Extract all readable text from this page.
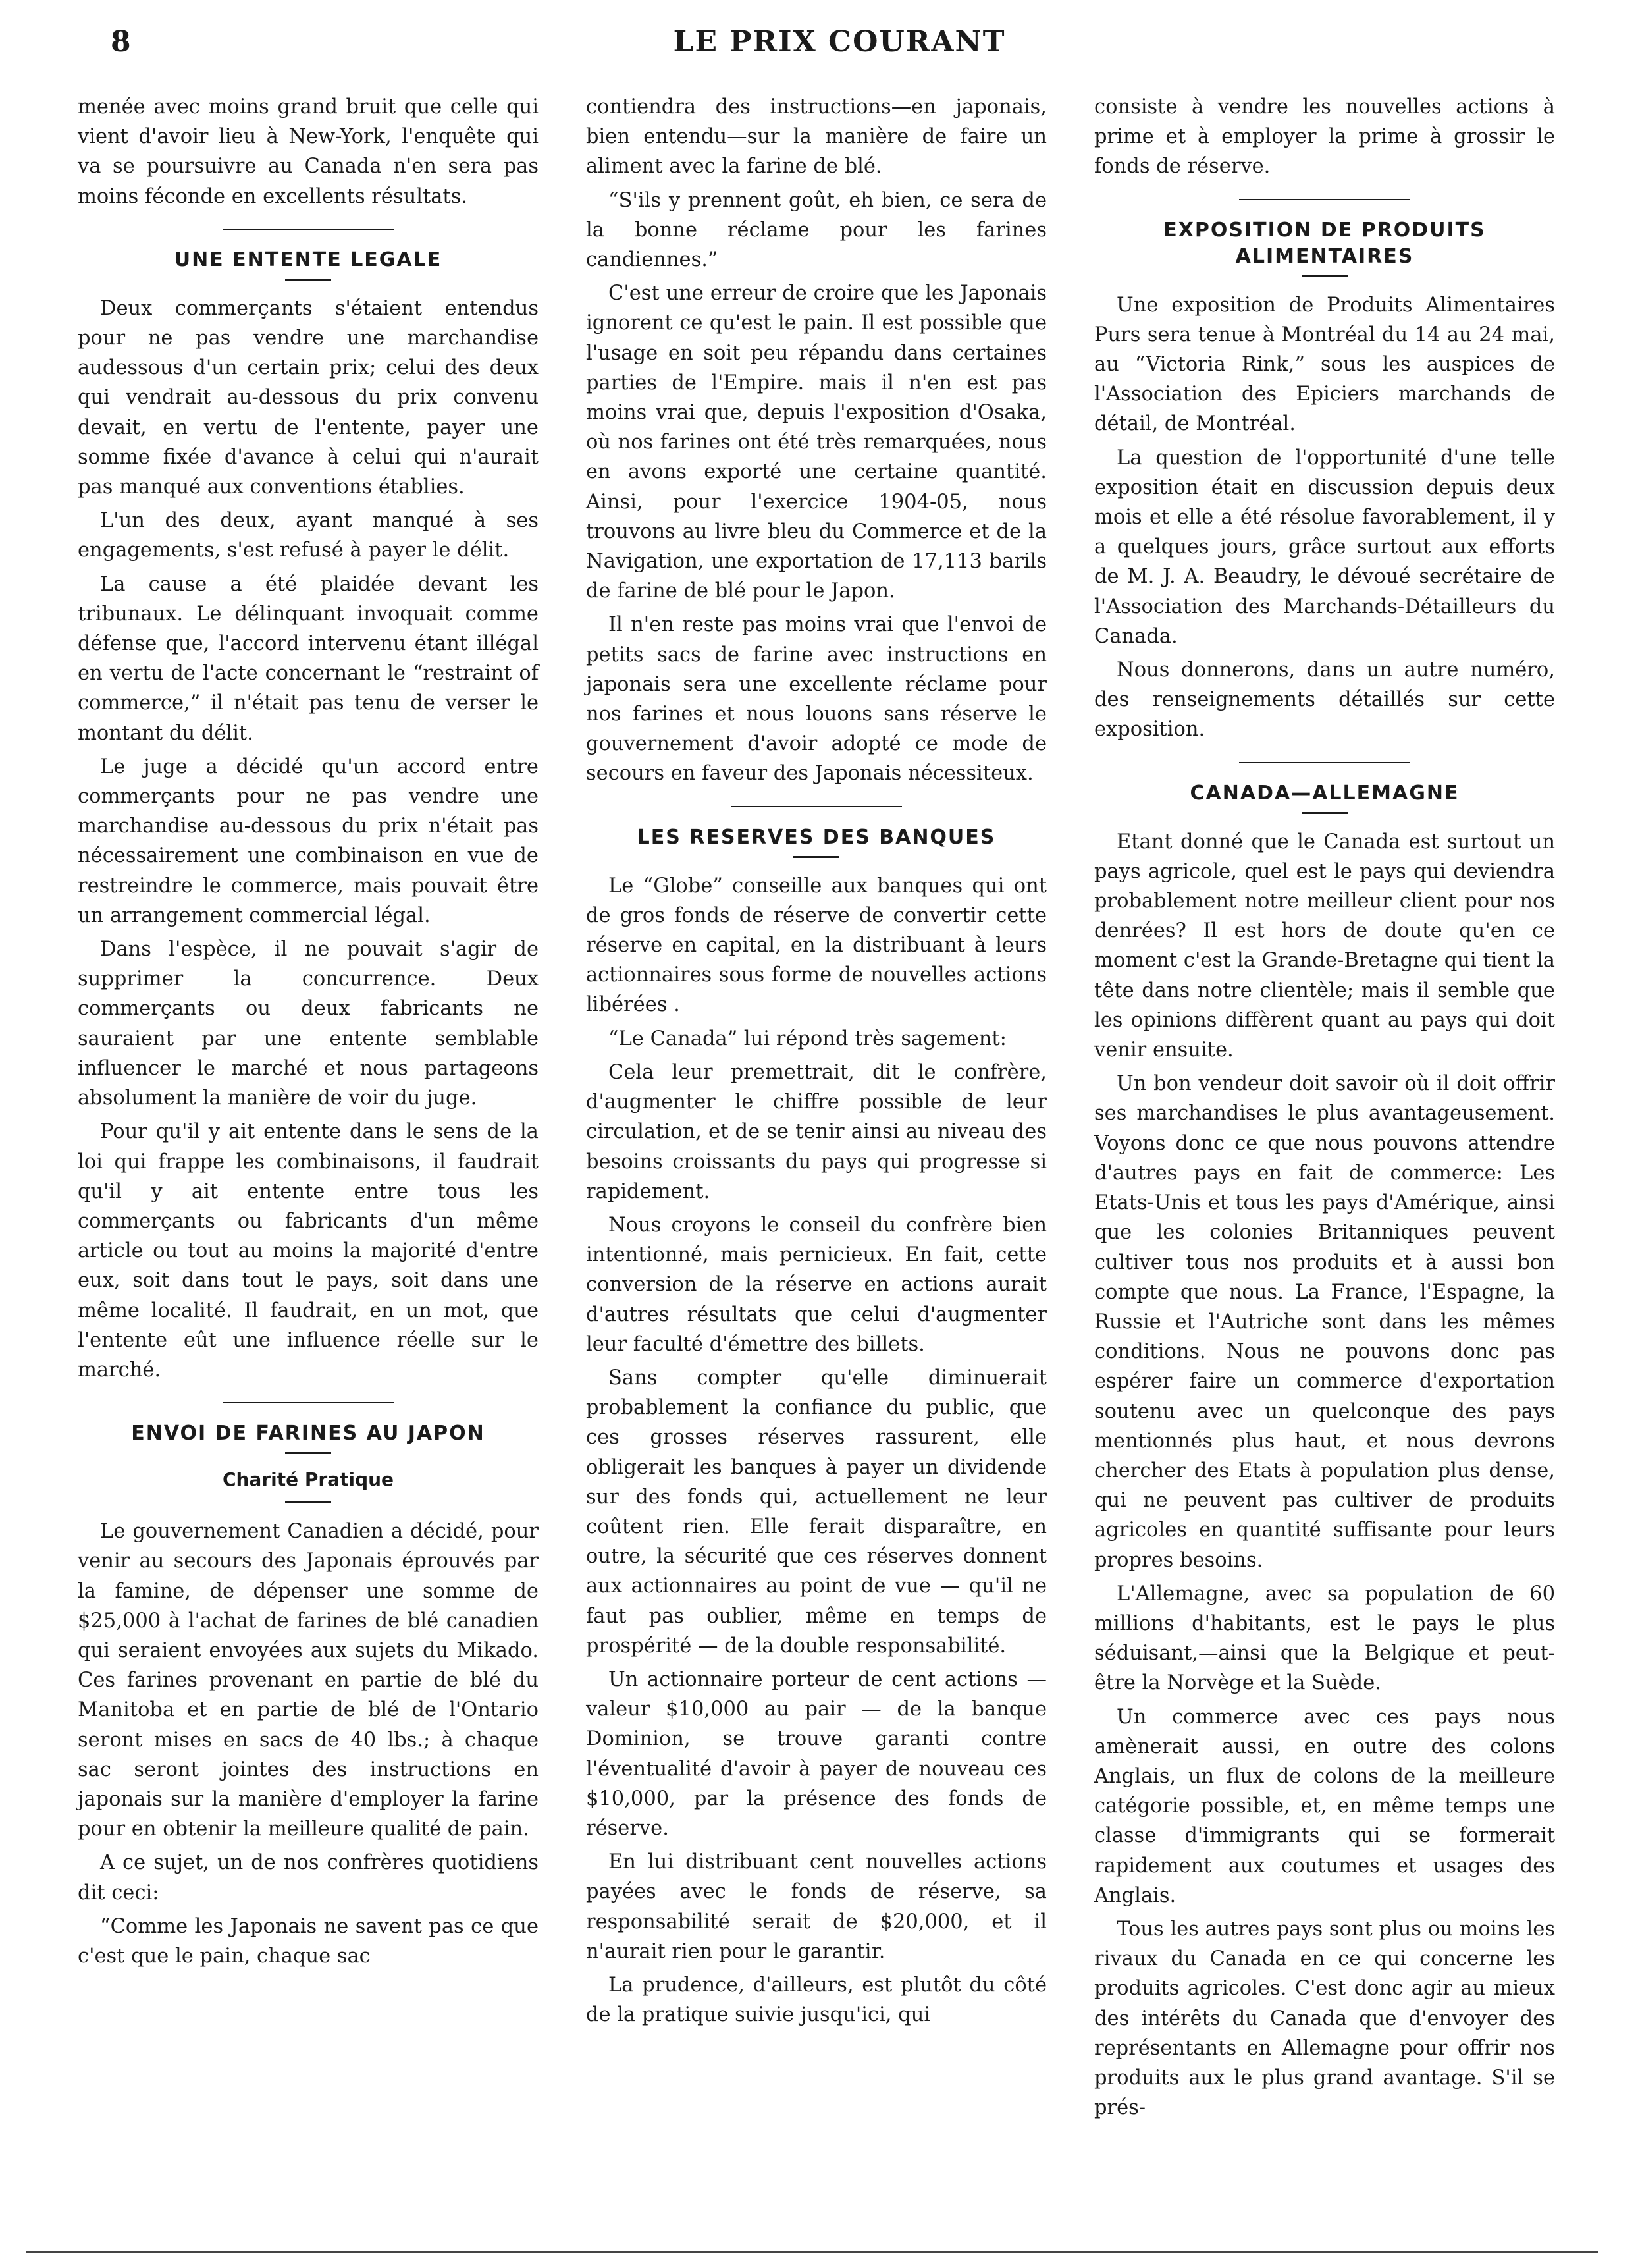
8	LE PRIX COURANT

menée avec moins grand bruit que celle qui vient d'avoir lieu à New-York, l'enquête qui va se poursuivre au Canada n'en sera pas moins féconde en excellents résultats.

UNE ENTENTE LEGALE

Deux commerçants s'étaient entendus pour ne pas vendre une marchandise audessous d'un certain prix; celui des deux qui vendrait au-dessous du prix convenu devait, en vertu de l'entente, payer une somme fixée d'avance à celui qui n'aurait pas manqué aux conventions établies.

L'un des deux, ayant manqué à ses engagements, s'est refusé à payer le délit.

La cause a été plaidée devant les tribunaux. Le délinquant invoquait comme défense que, l'accord intervenu étant illégal en vertu de l'acte concernant le “restraint of commerce,” il n'était pas tenu de verser le montant du délit.

Le juge a décidé qu'un accord entre commerçants pour ne pas vendre une marchandise au-dessous du prix n'était pas nécessairement une combinaison en vue de restreindre le commerce, mais pouvait être un arrangement commercial légal.

Dans l'espèce, il ne pouvait s'agir de supprimer la concurrence. Deux commerçants ou deux fabricants ne sauraient par une entente semblable influencer le marché et nous partageons absolument la manière de voir du juge.

Pour qu'il y ait entente dans le sens de la loi qui frappe les combinaisons, il faudrait qu'il y ait entente entre tous les commerçants ou fabricants d'un même article ou tout au moins la majorité d'entre eux, soit dans tout le pays, soit dans une même localité. Il faudrait, en un mot, que l'entente eût une influence réelle sur le marché.

ENVOI DE FARINES AU JAPON
Charité Pratique

Le gouvernement Canadien a décidé, pour venir au secours des Japonais éprouvés par la famine, de dépenser une somme de $25,000 à l'achat de farines de blé canadien qui seraient envoyées aux sujets du Mikado. Ces farines provenant en partie de blé du Manitoba et en partie de blé de l'Ontario seront mises en sacs de 40 lbs.; à chaque sac seront jointes des instructions en japonais sur la manière d'employer la farine pour en obtenir la meilleure qualité de pain.

A ce sujet, un de nos confrères quotidiens dit ceci:

“Comme les Japonais ne savent pas ce que c'est que le pain, chaque sac

contiendra des instructions—en japonais, bien entendu—sur la manière de faire un aliment avec la farine de blé.

“S'ils y prennent goût, eh bien, ce sera de la bonne réclame pour les farines candiennes.”

C'est une erreur de croire que les Japonais ignorent ce qu'est le pain. Il est possible que l'usage en soit peu répandu dans certaines parties de l'Empire. mais il n'en est pas moins vrai que, depuis l'exposition d'Osaka, où nos farines ont été très remarquées, nous en avons exporté une certaine quantité. Ainsi, pour l'exercice 1904-05, nous trouvons au livre bleu du Commerce et de la Navigation, une exportation de 17,113 barils de farine de blé pour le Japon.

Il n'en reste pas moins vrai que l'envoi de petits sacs de farine avec instructions en japonais sera une excellente réclame pour nos farines et nous louons sans réserve le gouvernement d'avoir adopté ce mode de secours en faveur des Japonais nécessiteux.

LES RESERVES DES BANQUES

Le “Globe” conseille aux banques qui ont de gros fonds de réserve de convertir cette réserve en capital, en la distribuant à leurs actionnaires sous forme de nouvelles actions libérées .

“Le Canada” lui répond très sagement:

Cela leur premettrait, dit le confrère, d'augmenter le chiffre possible de leur circulation, et de se tenir ainsi au niveau des besoins croissants du pays qui progresse si rapidement.

Nous croyons le conseil du confrère bien intentionné, mais pernicieux. En fait, cette conversion de la réserve en actions aurait d'autres résultats que celui d'augmenter leur faculté d'émettre des billets.

Sans compter qu'elle diminuerait probablement la confiance du public, que ces grosses réserves rassurent, elle obligerait les banques à payer un dividende sur des fonds qui, actuellement ne leur coûtent rien. Elle ferait disparaître, en outre, la sécurité que ces réserves donnent aux actionnaires au point de vue — qu'il ne faut pas oublier, même en temps de prospérité — de la double responsabilité.

Un actionnaire porteur de cent actions — valeur $10,000 au pair — de la banque Dominion, se trouve garanti contre l'éventualité d'avoir à payer de nouveau ces $10,000, par la présence des fonds de réserve.

En lui distribuant cent nouvelles actions payées avec le fonds de réserve, sa responsabilité serait de $20,000, et il n'aurait rien pour le garantir.

La prudence, d'ailleurs, est plutôt du côté de la pratique suivie jusqu'ici, qui

consiste à vendre les nouvelles actions à prime et à employer la prime à grossir le fonds de réserve.

EXPOSITION DE PRODUITS ALIMENTAIRES

Une exposition de Produits Alimentaires Purs sera tenue à Montréal du 14 au 24 mai, au “Victoria Rink,” sous les auspices de l'Association des Epiciers marchands de détail, de Montréal.

La question de l'opportunité d'une telle exposition était en discussion depuis deux mois et elle a été résolue favorablement, il y a quelques jours, grâce surtout aux efforts de M. J. A. Beaudry, le dévoué secrétaire de l'Association des Marchands-Détailleurs du Canada.

Nous donnerons, dans un autre numéro, des renseignements détaillés sur cette exposition.

CANADA—ALLEMAGNE

Etant donné que le Canada est surtout un pays agricole, quel est le pays qui deviendra probablement notre meilleur client pour nos denrées? Il est hors de doute qu'en ce moment c'est la Grande-Bretagne qui tient la tête dans notre clientèle; mais il semble que les opinions diffèrent quant au pays qui doit venir ensuite.

Un bon vendeur doit savoir où il doit offrir ses marchandises le plus avantageusement. Voyons donc ce que nous pouvons attendre d'autres pays en fait de commerce: Les Etats-Unis et tous les pays d'Amérique, ainsi que les colonies Britanniques peuvent cultiver tous nos produits et à aussi bon compte que nous. La France, l'Espagne, la Russie et l'Autriche sont dans les mêmes conditions. Nous ne pouvons donc pas espérer faire un commerce d'exportation soutenu avec un quelconque des pays mentionnés plus haut, et nous devrons chercher des Etats à population plus dense, qui ne peuvent pas cultiver de produits agricoles en quantité suffisante pour leurs propres besoins.

L'Allemagne, avec sa population de 60 millions d'habitants, est le pays le plus séduisant,—ainsi que la Belgique et peut-être la Norvège et la Suède.

Un commerce avec ces pays nous amènerait aussi, en outre des colons Anglais, un flux de colons de la meilleure catégorie possible, et, en même temps une classe d'immigrants qui se formerait rapidement aux coutumes et usages des Anglais.

Tous les autres pays sont plus ou moins les rivaux du Canada en ce qui concerne les produits agricoles. C'est donc agir au mieux des intérêts du Canada que d'envoyer des représentants en Allemagne pour offrir nos produits aux le plus grand avantage. S'il se prés-
